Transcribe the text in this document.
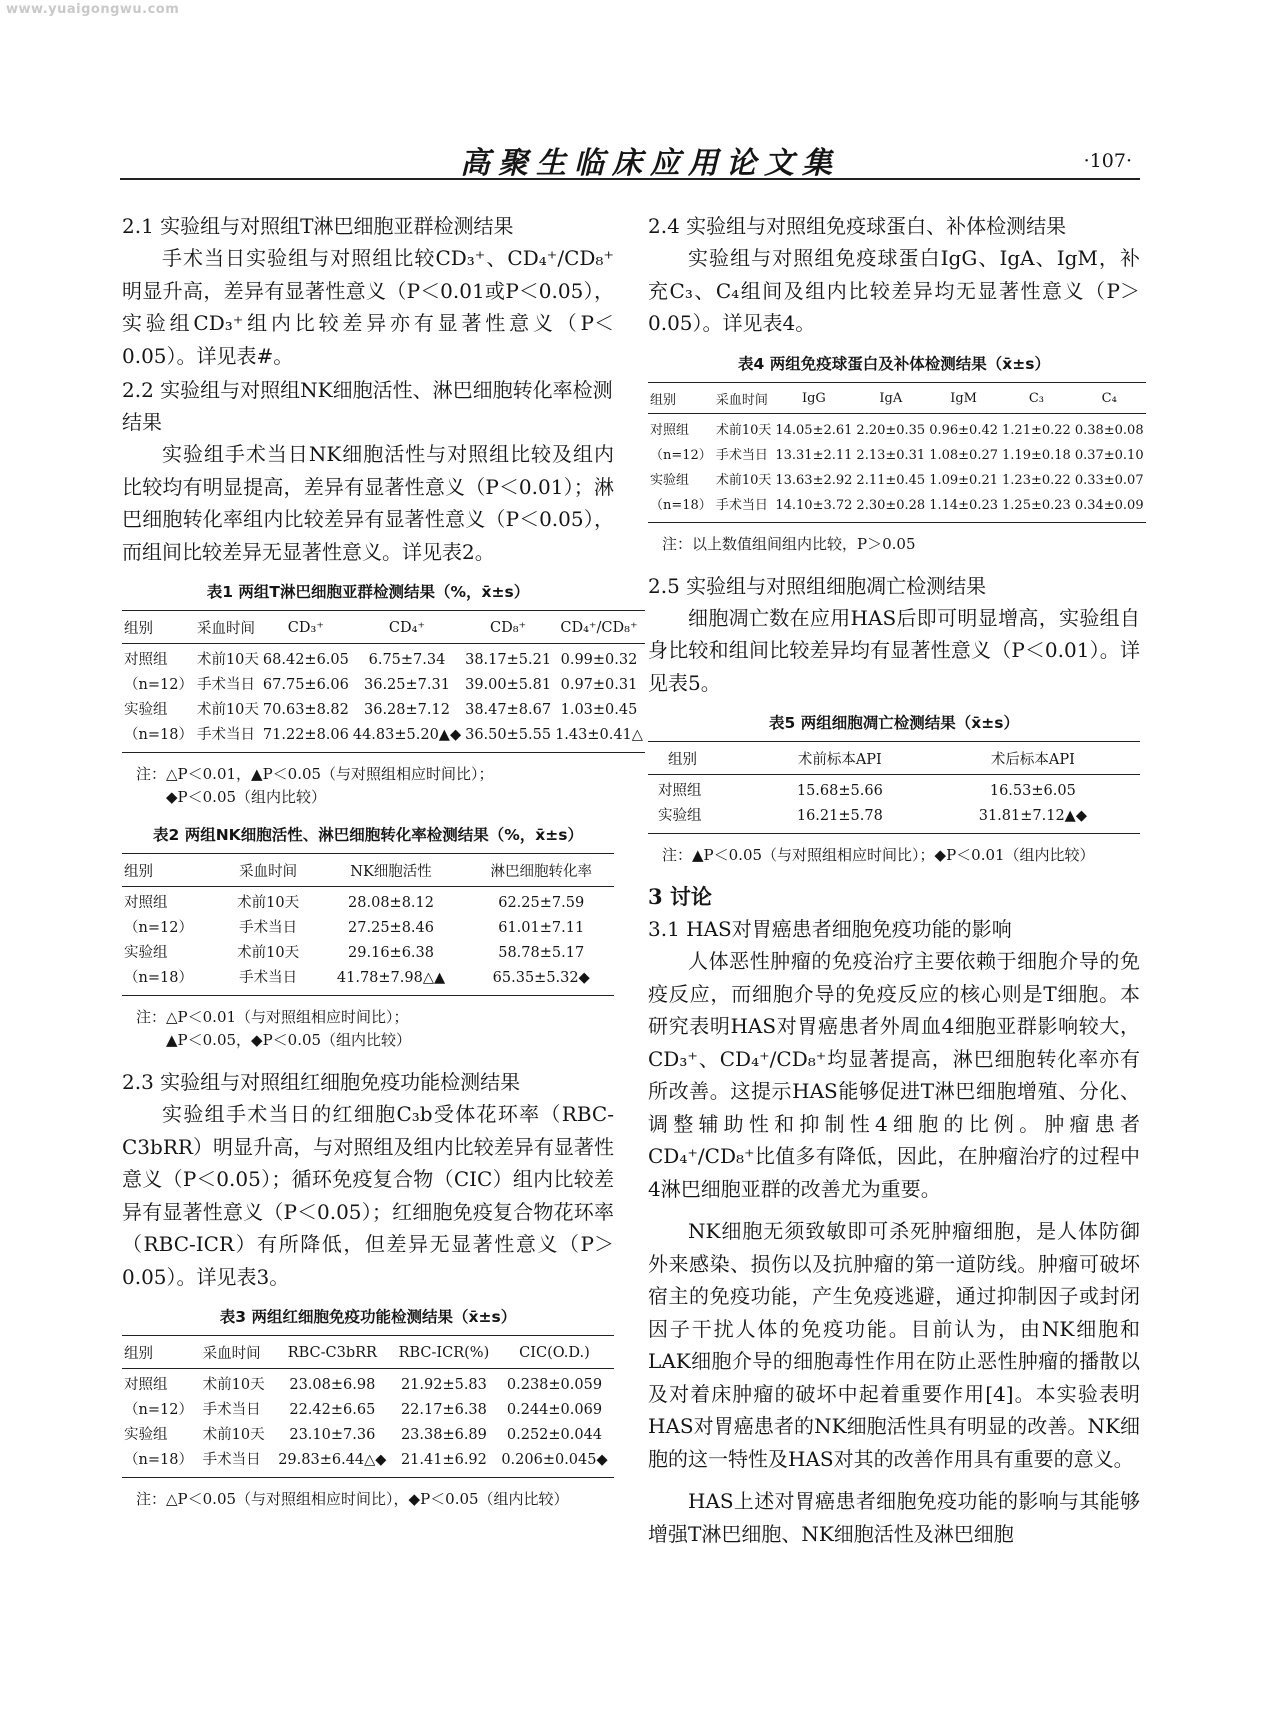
www.yuaigongwu.com
高聚生临床应用论文集	·107·

2.1 实验组与对照组T淋巴细胞亚群检测结果

手术当日实验组与对照组比较CD₃⁺、CD₄⁺/CD₈⁺明显升高，差异有显著性意义（P＜0.01或P＜0.05），实验组CD₃⁺组内比较差异亦有显著性意义（P＜0.05）。详见表#。

2.2 实验组与对照组NK细胞活性、淋巴细胞转化率检测结果

实验组手术当日NK细胞活性与对照组比较及组内比较均有明显提高，差异有显著性意义（P＜0.01）；淋巴细胞转化率组内比较差异有显著性意义（P＜0.05），而组间比较差异无显著性意义。详见表2。

表1 两组T淋巴细胞亚群检测结果（%，x̄±s）
组别	采血时间	CD₃⁺	CD₄⁺	CD₈⁺	CD₄⁺/CD₈⁺
对照组	术前10天	68.42±6.05	6.75±7.34	38.17±5.21	0.99±0.32
（n=12）	手术当日	67.75±6.06	36.25±7.31	39.00±5.81	0.97±0.31
实验组	术前10天	70.63±8.82	36.28±7.12	38.47±8.67	1.03±0.45
（n=18）	手术当日	71.22±8.06	44.83±5.20▲◆	36.50±5.55	1.43±0.41△
注：△P＜0.01，▲P＜0.05（与对照组相应时间比）；
◆P＜0.05（组内比较）
表2 两组NK细胞活性、淋巴细胞转化率检测结果（%，x̄±s）
组别	采血时间	NK细胞活性	淋巴细胞转化率
对照组	术前10天	28.08±8.12	62.25±7.59
（n=12）	手术当日	27.25±8.46	61.01±7.11
实验组	术前10天	29.16±6.38	58.78±5.17
（n=18）	手术当日	41.78±7.98△▲	65.35±5.32◆
注：△P＜0.01（与对照组相应时间比）；
▲P＜0.05，◆P＜0.05（组内比较）

2.3 实验组与对照组红细胞免疫功能检测结果

实验组手术当日的红细胞C₃b受体花环率（RBC-C3bRR）明显升高，与对照组及组内比较差异有显著性意义（P＜0.05）；循环免疫复合物（CIC）组内比较差异有显著性意义（P＜0.05）；红细胞免疫复合物花环率（RBC-ICR）有所降低，但差异无显著性意义（P＞0.05）。详见表3。

表3 两组红细胞免疫功能检测结果（x̄±s）
组别	采血时间	RBC-C3bRR	RBC-ICR(%)	CIC(O.D.)
对照组	术前10天	23.08±6.98	21.92±5.83	0.238±0.059
（n=12）	手术当日	22.42±6.65	22.17±6.38	0.244±0.069
实验组	术前10天	23.10±7.36	23.38±6.89	0.252±0.044
（n=18）	手术当日	29.83±6.44△◆	21.41±6.92	0.206±0.045◆
注：△P＜0.05（与对照组相应时间比），◆P＜0.05（组内比较）

2.4 实验组与对照组免疫球蛋白、补体检测结果

实验组与对照组免疫球蛋白IgG、IgA、IgM，补充C₃、C₄组间及组内比较差异均无显著性意义（P＞0.05）。详见表4。

表4 两组免疫球蛋白及补体检测结果（x̄±s）
组别	采血时间	IgG	IgA	IgM	C₃	C₄
对照组	术前10天	14.05±2.61	2.20±0.35	0.96±0.42	1.21±0.22	0.38±0.08
（n=12）	手术当日	13.31±2.11	2.13±0.31	1.08±0.27	1.19±0.18	0.37±0.10
实验组	术前10天	13.63±2.92	2.11±0.45	1.09±0.21	1.23±0.22	0.33±0.07
（n=18）	手术当日	14.10±3.72	2.30±0.28	1.14±0.23	1.25±0.23	0.34±0.09
注：以上数值组间组内比较，P＞0.05

2.5 实验组与对照组细胞凋亡检测结果

细胞凋亡数在应用HAS后即可明显增高，实验组自身比较和组间比较差异均有显著性意义（P＜0.01）。详见表5。

表5 两组细胞凋亡检测结果（x̄±s）
组别	术前标本API	术后标本API
对照组	15.68±5.66	16.53±6.05
实验组	16.21±5.78	31.81±7.12▲◆
注：▲P＜0.05（与对照组相应时间比）；◆P＜0.01（组内比较）

3 讨论

3.1 HAS对胃癌患者细胞免疫功能的影响

人体恶性肿瘤的免疫治疗主要依赖于细胞介导的免疫反应，而细胞介导的免疫反应的核心则是T细胞。本研究表明HAS对胃癌患者外周血4细胞亚群影响较大，CD₃⁺、CD₄⁺/CD₈⁺均显著提高，淋巴细胞转化率亦有所改善。这提示HAS能够促进T淋巴细胞增殖、分化、调整辅助性和抑制性4细胞的比例。肿瘤患者CD₄⁺/CD₈⁺比值多有降低，因此，在肿瘤治疗的过程中4淋巴细胞亚群的改善尤为重要。

NK细胞无须致敏即可杀死肿瘤细胞，是人体防御外来感染、损伤以及抗肿瘤的第一道防线。肿瘤可破坏宿主的免疫功能，产生免疫逃避，通过抑制因子或封闭因子干扰人体的免疫功能。目前认为，由NK细胞和LAK细胞介导的细胞毒性作用在防止恶性肿瘤的播散以及对着床肿瘤的破坏中起着重要作用[4]。本实验表明HAS对胃癌患者的NK细胞活性具有明显的改善。NK细胞的这一特性及HAS对其的改善作用具有重要的意义。

HAS上述对胃癌患者细胞免疫功能的影响与其能够增强T淋巴细胞、NK细胞活性及淋巴细胞
